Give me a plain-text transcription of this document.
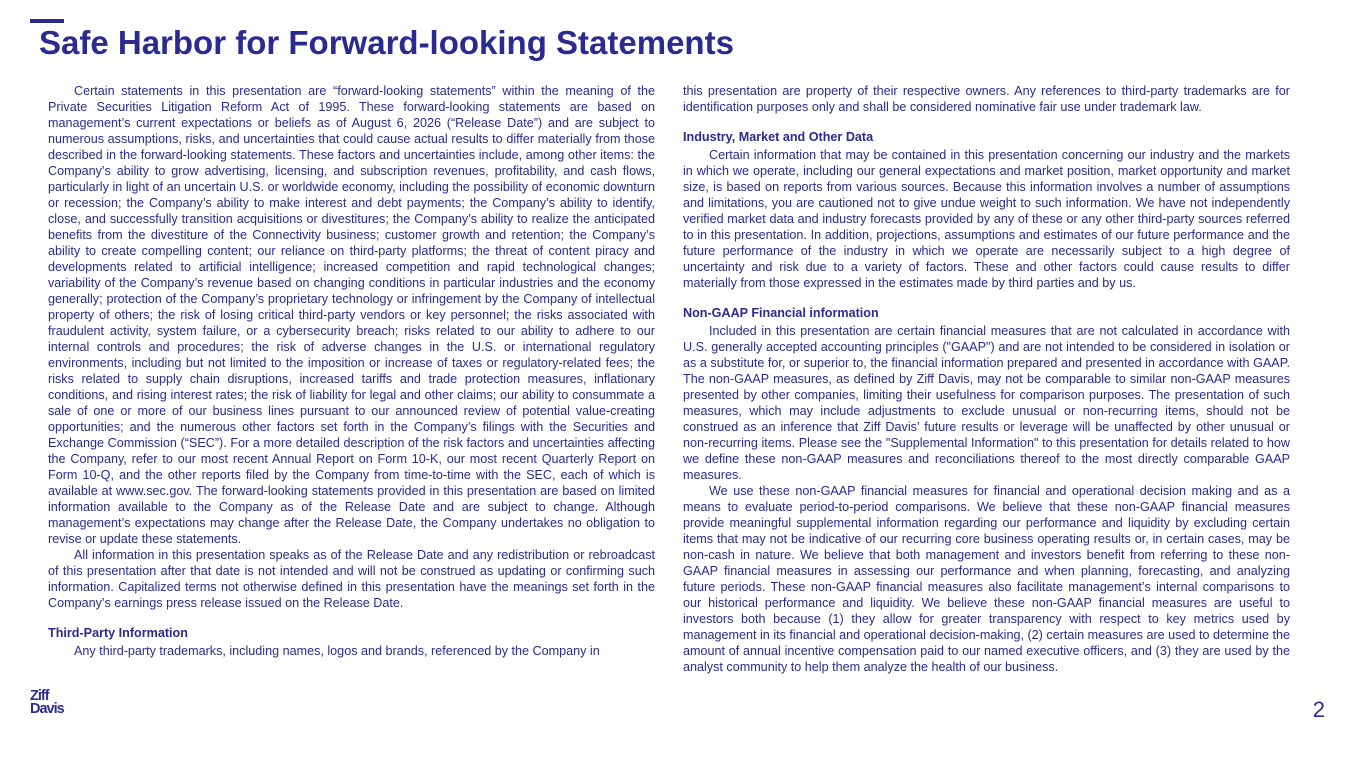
Safe Harbor for Forward-looking Statements

Certain statements in this presentation are “forward-looking statements” within the meaning of the Private Securities Litigation Reform Act of 1995. These forward-looking statements are based on management’s current expectations or beliefs as of August 6, 2026 (“Release Date”) and are subject to numerous assumptions, risks, and uncertainties that could cause actual results to differ materially from those described in the forward-looking statements. These factors and uncertainties include, among other items: the Company’s ability to grow advertising, licensing, and subscription revenues, profitability, and cash flows, particularly in light of an uncertain U.S. or worldwide economy, including the possibility of economic downturn or recession; the Company’s ability to make interest and debt payments; the Company’s ability to identify, close, and successfully transition acquisitions or divestitures; the Company’s ability to realize the anticipated benefits from the divestiture of the Connectivity business; customer growth and retention; the Company’s ability to create compelling content; our reliance on third-party platforms; the threat of content piracy and developments related to artificial intelligence; increased competition and rapid technological changes; variability of the Company’s revenue based on changing conditions in particular industries and the economy generally; protection of the Company’s proprietary technology or infringement by the Company of intellectual property of others; the risk of losing critical third-party vendors or key personnel; the risks associated with fraudulent activity, system failure, or a cybersecurity breach; risks related to our ability to adhere to our internal controls and procedures; the risk of adverse changes in the U.S. or international regulatory environments, including but not limited to the imposition or increase of taxes or regulatory-related fees; the risks related to supply chain disruptions, increased tariffs and trade protection measures, inflationary conditions, and rising interest rates; the risk of liability for legal and other claims; our ability to consummate a sale of one or more of our business lines pursuant to our announced review of potential value-creating opportunities; and the numerous other factors set forth in the Company’s filings with the Securities and Exchange Commission (“SEC”). For a more detailed description of the risk factors and uncertainties affecting the Company, refer to our most recent Annual Report on Form 10-K, our most recent Quarterly Report on Form 10-Q, and the other reports filed by the Company from time-to-time with the SEC, each of which is available at www.sec.gov. The forward-looking statements provided in this presentation are based on limited information available to the Company as of the Release Date and are subject to change. Although management’s expectations may change after the Release Date, the Company undertakes no obligation to revise or update these statements.

All information in this presentation speaks as of the Release Date and any redistribution or rebroadcast of this presentation after that date is not intended and will not be construed as updating or confirming such information. Capitalized terms not otherwise defined in this presentation have the meanings set forth in the Company’s earnings press release issued on the Release Date.

Third-Party Information

Any third-party trademarks, including names, logos and brands, referenced by the Company in

this presentation are property of their respective owners. Any references to third-party trademarks are for identification purposes only and shall be considered nominative fair use under trademark law.

Industry, Market and Other Data

Certain information that may be contained in this presentation concerning our industry and the markets in which we operate, including our general expectations and market position, market opportunity and market size, is based on reports from various sources. Because this information involves a number of assumptions and limitations, you are cautioned not to give undue weight to such information. We have not independently verified market data and industry forecasts provided by any of these or any other third-party sources referred to in this presentation. In addition, projections, assumptions and estimates of our future performance and the future performance of the industry in which we operate are necessarily subject to a high degree of uncertainty and risk due to a variety of factors. These and other factors could cause results to differ materially from those expressed in the estimates made by third parties and by us.

Non-GAAP Financial information

Included in this presentation are certain financial measures that are not calculated in accordance with U.S. generally accepted accounting principles ("GAAP") and are not intended to be considered in isolation or as a substitute for, or superior to, the financial information prepared and presented in accordance with GAAP. The non-GAAP measures, as defined by Ziff Davis, may not be comparable to similar non-GAAP measures presented by other companies, limiting their usefulness for comparison purposes. The presentation of such measures, which may include adjustments to exclude unusual or non-recurring items, should not be construed as an inference that Ziff Davis’ future results or leverage will be unaffected by other unusual or non-recurring items. Please see the "Supplemental Information" to this presentation for details related to how we define these non-GAAP measures and reconciliations thereof to the most directly comparable GAAP measures.

We use these non-GAAP financial measures for financial and operational decision making and as a means to evaluate period-to-period comparisons. We believe that these non-GAAP financial measures provide meaningful supplemental information regarding our performance and liquidity by excluding certain items that may not be indicative of our recurring core business operating results or, in certain cases, may be non-cash in nature. We believe that both management and investors benefit from referring to these non-GAAP financial measures in assessing our performance and when planning, forecasting, and analyzing future periods. These non-GAAP financial measures also facilitate management’s internal comparisons to our historical performance and liquidity. We believe these non-GAAP financial measures are useful to investors both because (1) they allow for greater transparency with respect to key metrics used by management in its financial and operational decision-making, (2) certain measures are used to determine the amount of annual incentive compensation paid to our named executive officers, and (3) they are used by the analyst community to help them analyze the health of our business.

Ziff
Davis	2
